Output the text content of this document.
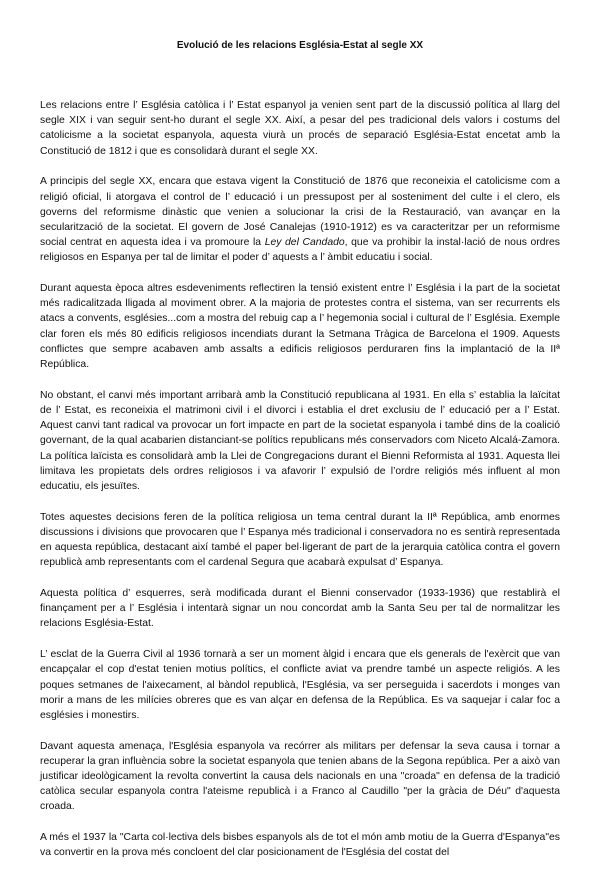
Evolució de les relacions Església-Estat al segle XX

Les relacions entre l’ Església catòlica i l’ Estat espanyol ja venien sent part de la discussió política al llarg del segle XIX i van seguir sent-ho durant el segle XX. Així, a pesar del pes tradicional dels valors i costums del catolicisme a la societat espanyola, aquesta viurà un procés de separació Església-Estat encetat amb la Constitució de 1812 i que es consolidarà durant el segle XX.

A principis del segle XX, encara que estava vigent la Constitució de 1876 que reconeixia el catolicisme com a religió oficial, li atorgava el control de l’ educació i un pressupost per al sosteniment del culte i el clero, els governs del reformisme dinàstic que venien a solucionar la crisi de la Restauració, van avançar en la secularització de la societat. El govern de José Canalejas (1910-1912) es va caracteritzar per un reformisme social centrat en aquesta idea i va promoure la Ley del Candado, que va prohibir la instal·lació de nous ordres religiosos en Espanya per tal de limitar el poder d’ aquests a l’ àmbit educatiu i social.

Durant aquesta època altres esdeveniments reflectiren la tensió existent entre l’ Església i la part de la societat més radicalitzada lligada al moviment obrer. A la majoria de protestes contra el sistema, van ser recurrents els atacs a convents, esglésies...com a mostra del rebuig cap a l’ hegemonia social i cultural de l’ Església. Exemple clar foren els més 80 edificis religiosos incendiats durant la Setmana Tràgica de Barcelona el 1909. Aquests conflictes que sempre acabaven amb assalts a edificis religiosos perduraren fins la implantació de la IIª República.

No obstant, el canvi més important arribarà amb la Constitució republicana al 1931. En ella s’ establia la laïcitat de l’ Estat, es reconeixia el matrimoni civil i el divorci i establia el dret exclusiu de l’ educació per a l’ Estat. Aquest canvi tant radical va provocar un fort impacte en part de la societat espanyola i també dins de la coalició governant, de la qual acabarien distanciant-se polítics republicans més conservadors com Niceto Alcalá-Zamora. La política laïcista es consolidarà amb la Llei de Congregacions durant el Bienni Reformista al 1931. Aquesta llei limitava les propietats dels ordres religiosos i va afavorir l’ expulsió de l’ordre religiós més influent al mon educatiu, els jesuïtes.

Totes aquestes decisions feren de la política religiosa un tema central durant la IIª República, amb enormes discussions i divisions que provocaren que l’ Espanya més tradicional i conservadora no es sentirà representada en aquesta república, destacant així també el paper bel·ligerant de part de la jerarquia catòlica contra el govern republicà amb representants com el cardenal Segura que acabarà expulsat d’ Espanya.

Aquesta política d’ esquerres, serà modificada durant el Bienni conservador (1933-1936) que restablirà el finançament per a l’ Església i intentarà signar un nou concordat amb la Santa Seu per tal de normalitzar les relacions Església-Estat.

L’ esclat de la Guerra Civil al 1936 tornarà a ser un moment àlgid i encara que els generals de l'exèrcit que van encapçalar el cop d'estat tenien motius polítics, el conflicte aviat va prendre també un aspecte religiós. A les poques setmanes de l'aixecament, al bàndol republicà, l'Església, va ser perseguida i sacerdots i monges van morir a mans de les milícies obreres que es van alçar en defensa de la República. Es va saquejar i calar foc a esglésies i monestirs.

Davant aquesta amenaça, l'Església espanyola va recórrer als militars per defensar la seva causa i tornar a recuperar la gran influència sobre la societat espanyola que tenien abans de la Segona república. Per a això van justificar ideològicament la revolta convertint la causa dels nacionals en una "croada" en defensa de la tradició catòlica secular espanyola contra l'ateisme republicà i a Franco al Caudillo "per la gràcia de Déu" d'aquesta croada.

A més el 1937 la "Carta col·lectiva dels bisbes espanyols als de tot el món amb motiu de la Guerra d'Espanya"es va convertir en la prova més concloent del clar posicionament de l'Església del costat del
